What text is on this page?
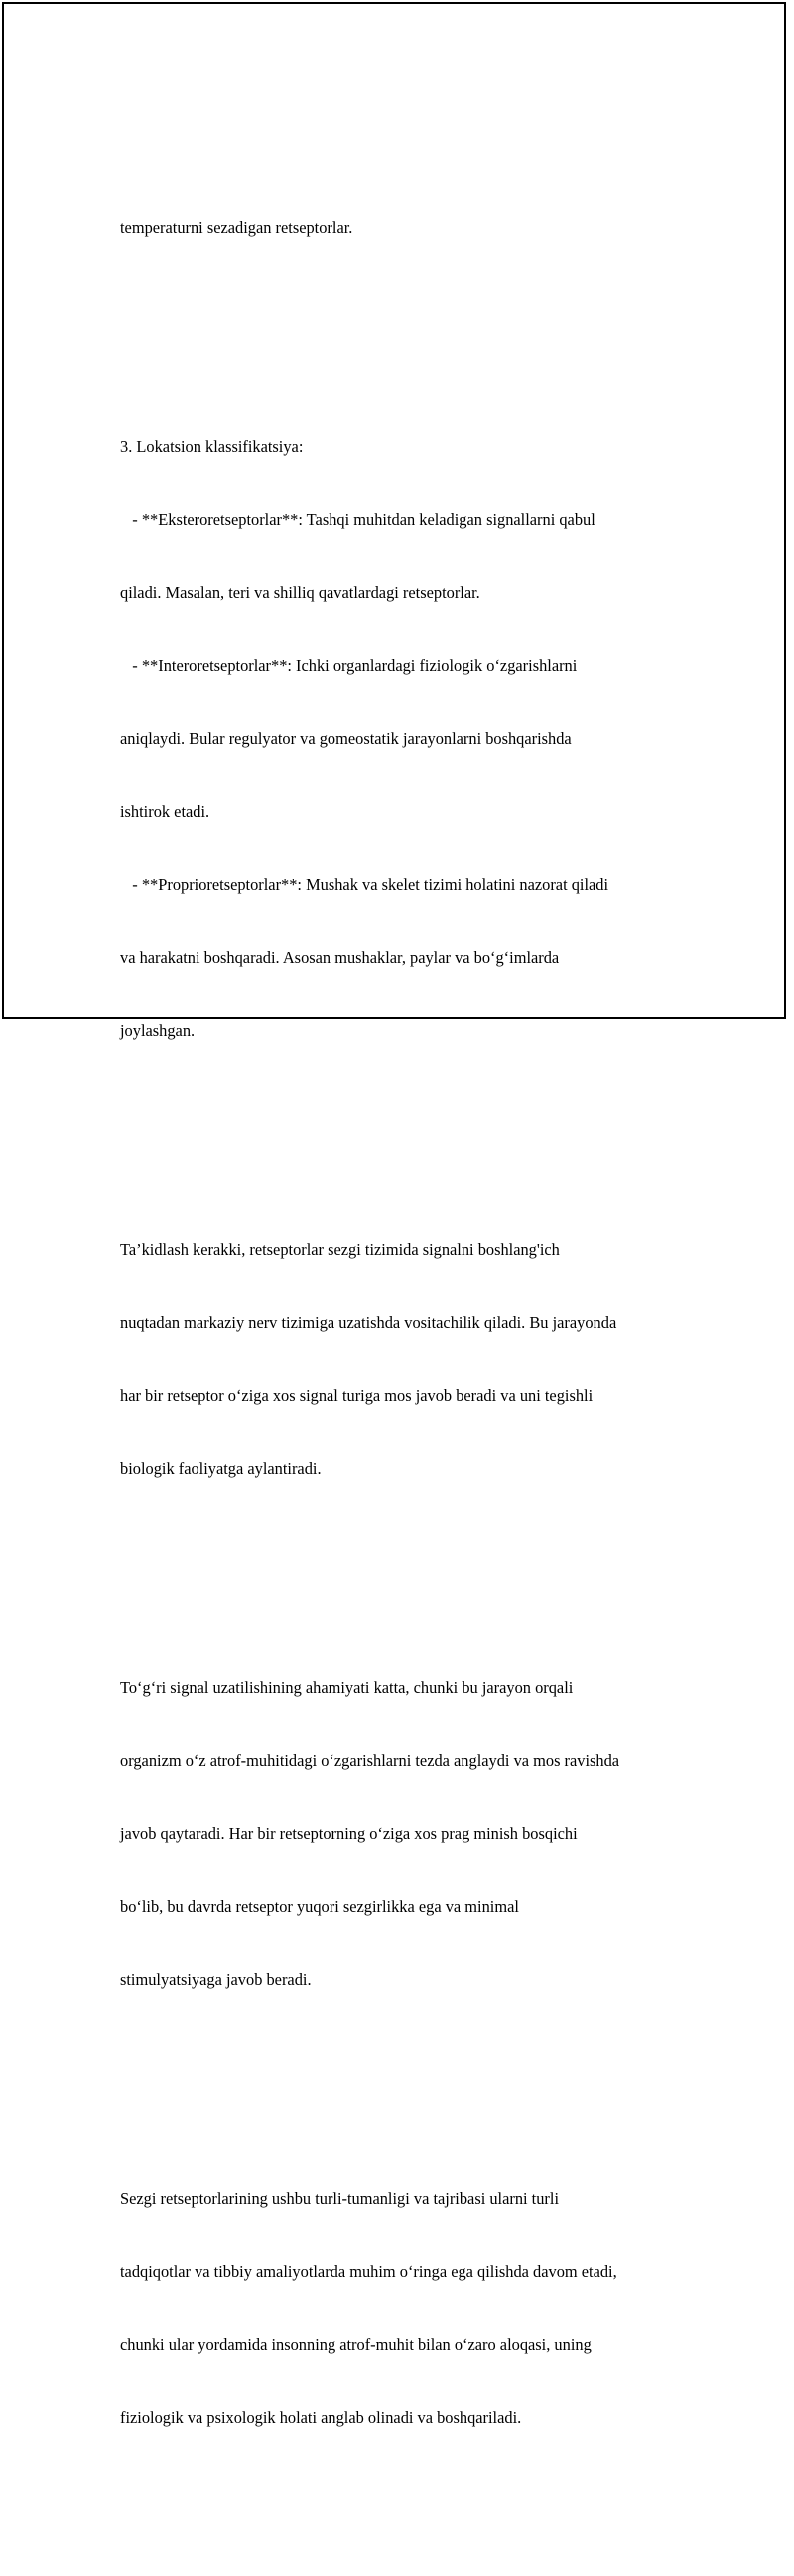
temperaturni sezadigan retseptorlar.

3. Lokatsion klassifikatsiya:

- **Eksteroretseptorlar**: Tashqi muhitdan keladigan signallarni qabul

qiladi. Masalan, teri va shilliq qavatlardagi retseptorlar.

- **Interoretseptorlar**: Ichki organlardagi fiziologik o‘zgarishlarni

aniqlaydi. Bular regulyator va gomeostatik jarayonlarni boshqarishda

ishtirok etadi.

- **Proprioretseptorlar**: Mushak va skelet tizimi holatini nazorat qiladi

va harakatni boshqaradi. Asosan mushaklar, paylar va bo‘g‘imlarda

joylashgan.

Ta’kidlash kerakki, retseptorlar sezgi tizimida signalni boshlang'ich

nuqtadan markaziy nerv tizimiga uzatishda vositachilik qiladi. Bu jarayonda

har bir retseptor o‘ziga xos signal turiga mos javob beradi va uni tegishli

biologik faoliyatga aylantiradi.

To‘g‘ri signal uzatilishining ahamiyati katta, chunki bu jarayon orqali

organizm o‘z atrof-muhitidagi o‘zgarishlarni tezda anglaydi va mos ravishda

javob qaytaradi. Har bir retseptorning o‘ziga xos prag minish bosqichi

bo‘lib, bu davrda retseptor yuqori sezgirlikka ega va minimal

stimulyatsiyaga javob beradi.

Sezgi retseptorlarining ushbu turli-tumanligi va tajribasi ularni turli

tadqiqotlar va tibbiy amaliyotlarda muhim o‘ringa ega qilishda davom etadi,

chunki ular yordamida insonning atrof-muhit bilan o‘zaro aloqasi, uning

fiziologik va psixologik holati anglab olinadi va boshqariladi.
